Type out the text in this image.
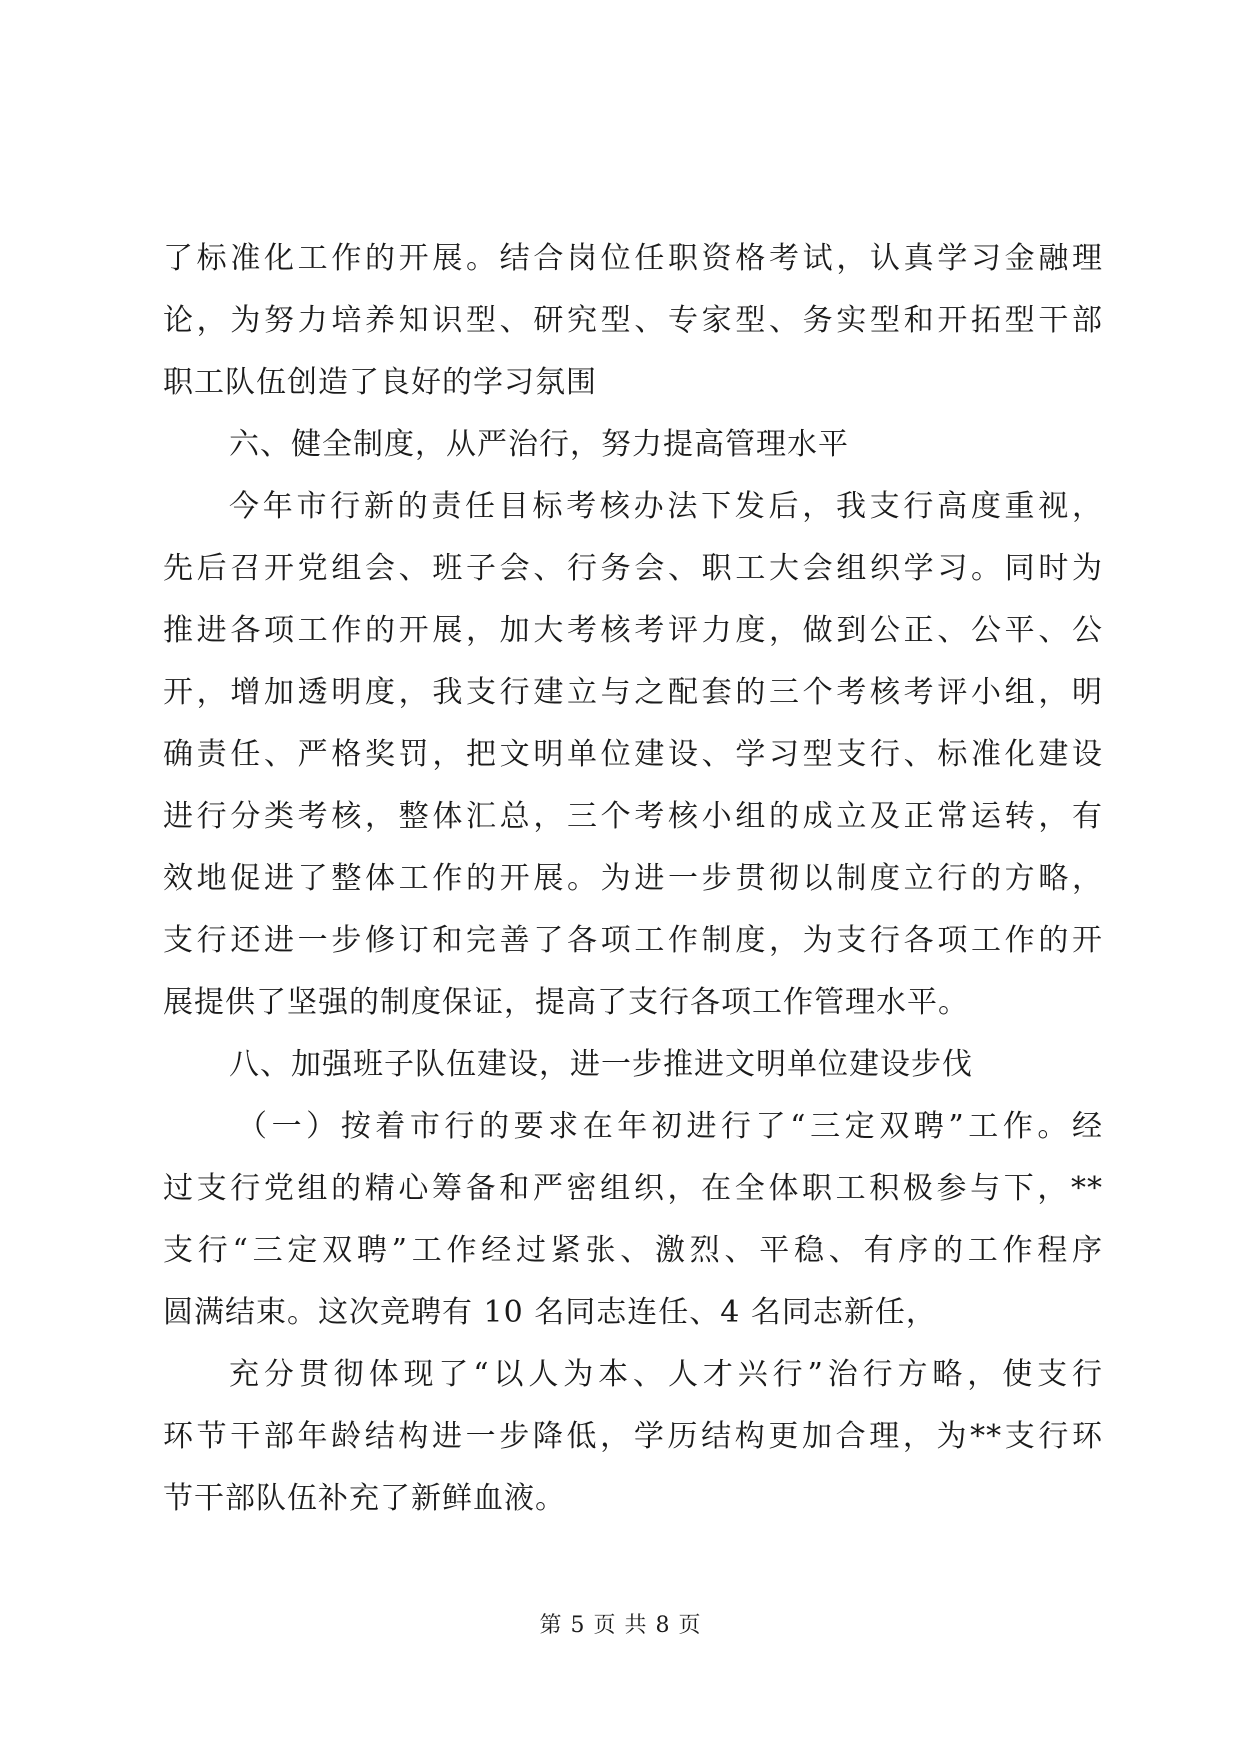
了标准化工作的开展。结合岗位任职资格考试，认真学习金融理
论，为努力培养知识型、研究型、专家型、务实型和开拓型干部
职工队伍创造了良好的学习氛围
六、健全制度，从严治行，努力提高管理水平
今年市行新的责任目标考核办法下发后，我支行高度重视，
先后召开党组会、班子会、行务会、职工大会组织学习。同时为
推进各项工作的开展，加大考核考评力度，做到公正、公平、公
开，增加透明度，我支行建立与之配套的三个考核考评小组，明
确责任、严格奖罚，把文明单位建设、学习型支行、标准化建设
进行分类考核，整体汇总，三个考核小组的成立及正常运转，有
效地促进了整体工作的开展。为进一步贯彻以制度立行的方略，
支行还进一步修订和完善了各项工作制度，为支行各项工作的开
展提供了坚强的制度保证，提高了支行各项工作管理水平。
八、加强班子队伍建设，进一步推进文明单位建设步伐
（一）按着市行的要求在年初进行了“三定双聘”工作。经
过支行党组的精心筹备和严密组织，在全体职工积极参与下，**
支行“三定双聘”工作经过紧张、激烈、平稳、有序的工作程序
圆满结束。这次竞聘有 10 名同志连任、4 名同志新任，
充分贯彻体现了“以人为本、人才兴行”治行方略，使支行
环节干部年龄结构进一步降低，学历结构更加合理，为**支行环
节干部队伍补充了新鲜血液。
第 5 页 共 8 页
